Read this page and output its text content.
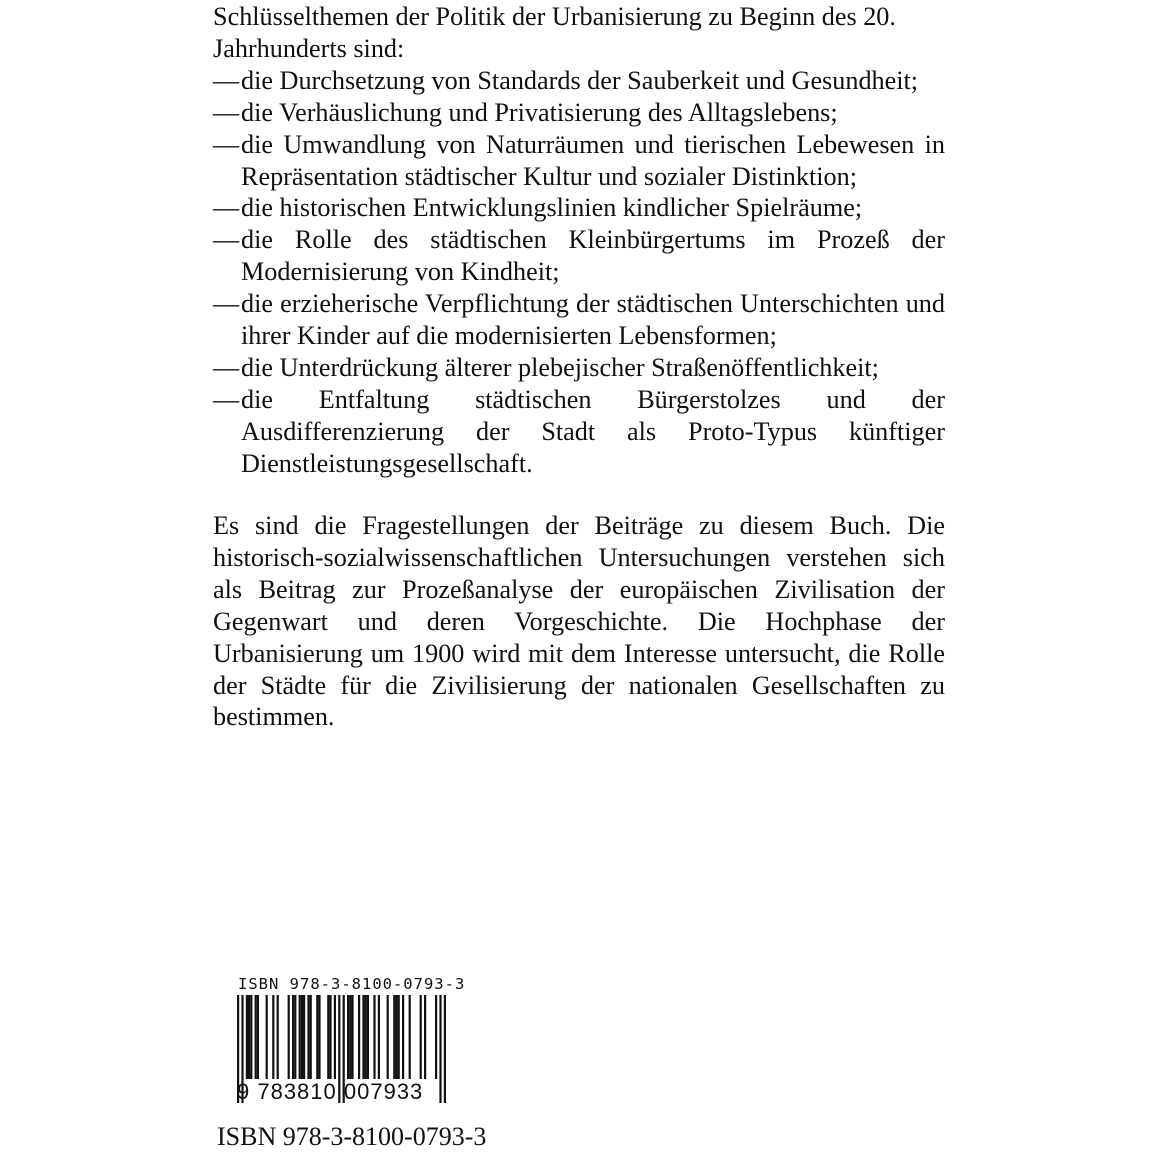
Schlüsselthemen der Politik der Urbanisierung zu Beginn des 20.
Jahrhunderts sind:
— die Durchsetzung von Standards der Sauberkeit und Gesundheit;
— die Verhäuslichung und Privatisierung des Alltagslebens;
— die Umwandlung von Naturräumen und tierischen Lebewesen in Repräsentation städtischer Kultur und sozialer Distinktion;
— die historischen Entwicklungslinien kindlicher Spielräume;
— die Rolle des städtischen Kleinbürgertums im Prozeß der Modernisierung von Kindheit;
— die erzieherische Verpflichtung der städtischen Unterschichten und ihrer Kinder auf die modernisierten Lebensformen;
— die Unterdrückung älterer plebejischer Straßenöffentlichkeit;
— die Entfaltung städtischen Bürgerstolzes und der Ausdifferenzierung der Stadt als Proto-Typus künftiger Dienstleistungsgesellschaft.
Es sind die Fragestellungen der Beiträge zu diesem Buch. Die historisch-sozialwissenschaftlichen Untersuchungen verstehen sich als Beitrag zur Prozeßanalyse der europäischen Zivilisation der Gegenwart und deren Vorgeschichte. Die Hochphase der Urbanisierung um 1900 wird mit dem Interesse untersucht, die Rolle der Städte für die Zivilisierung der nationalen Gesellschaften zu bestimmen.
ISBN 978-3-8100-0793-3
9 783810 007933
ISBN 978-3-8100-0793-3
